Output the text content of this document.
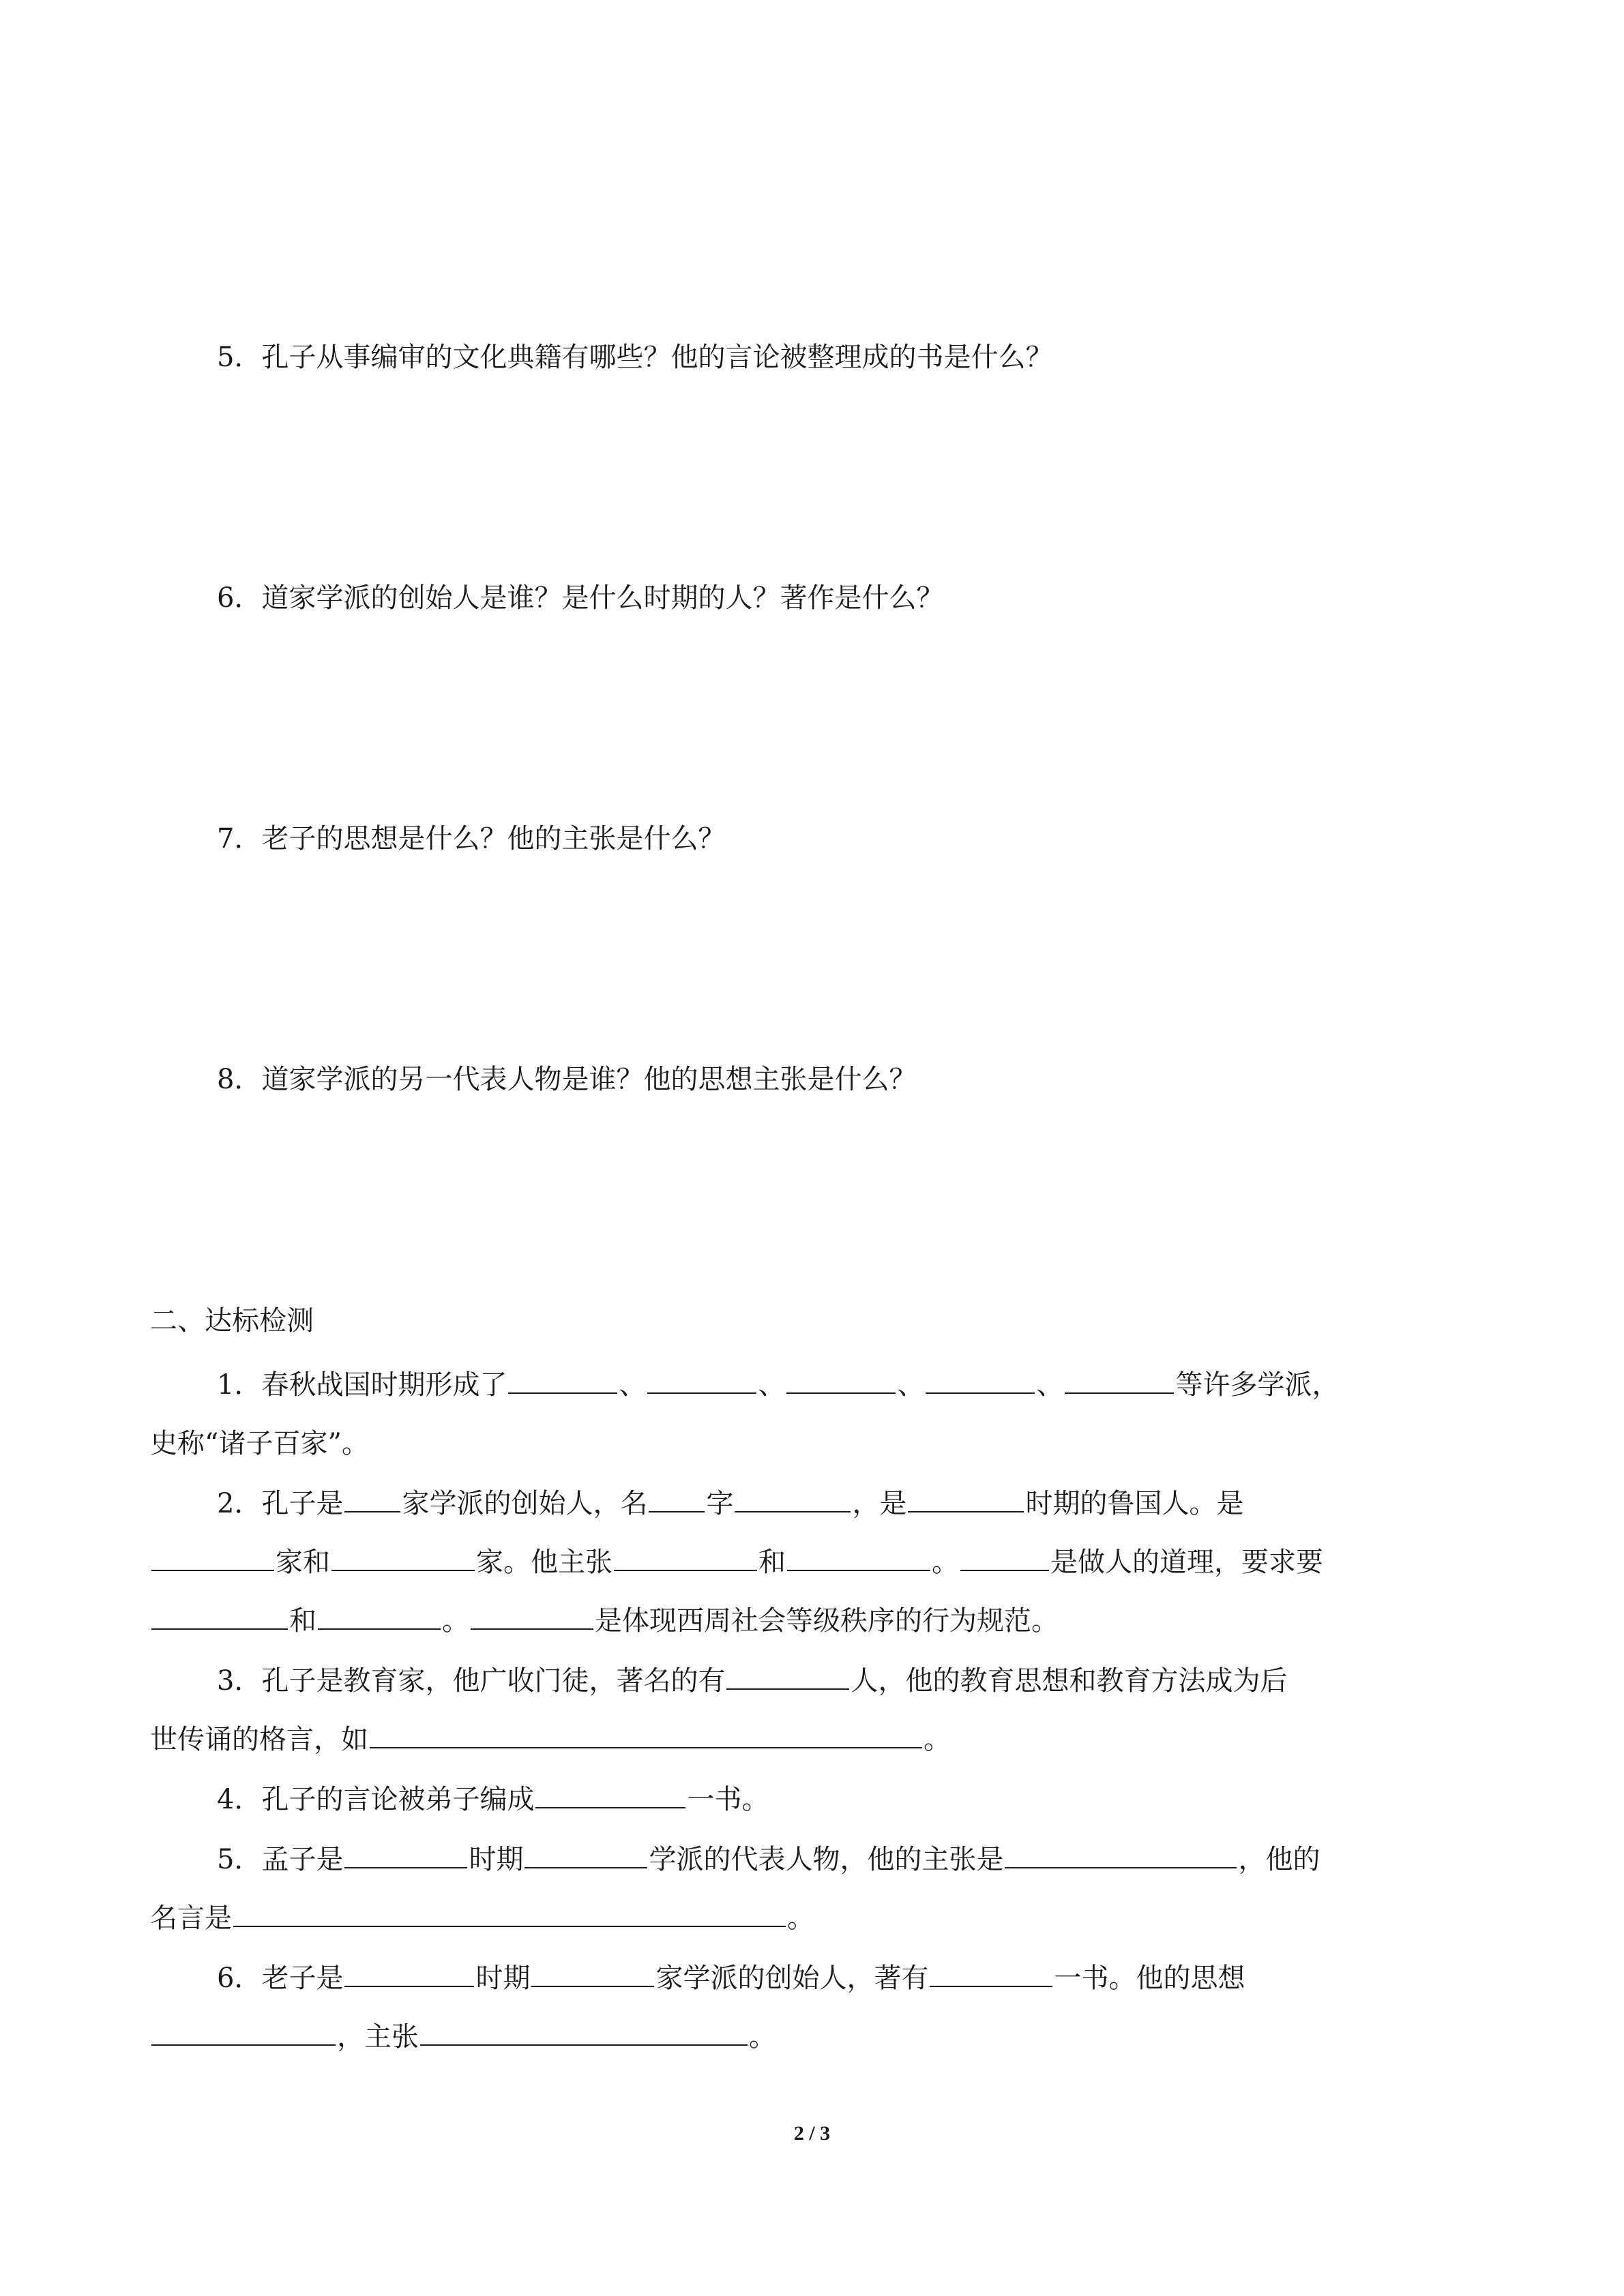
5．孔子从事编审的文化典籍有哪些？他的言论被整理成的书是什么？
6．道家学派的创始人是谁？是什么时期的人？著作是什么？
7．老子的思想是什么？他的主张是什么？
8．道家学派的另一代表人物是谁？他的思想主张是什么？
二、达标检测
1．春秋战国时期形成了	、	、	、	、	等许多学派，
史称“诸子百家”。
2．孔子是 家学派的创始人，名 字	，是	时期的鲁国人。是
家和	家。他主张	和	。	是做人的道理，要求要
和	。	是体现西周社会等级秩序的行为规范。
3．孔子是教育家，他广收门徒，著名的有	人，他的教育思想和教育方法成为后
世传诵的格言，如	。
4．孔子的言论被弟子编成	一书。
5．孟子是	时期	学派的代表人物，他的主张是	，他的
名言是	。
6．老子是	时期	家学派的创始人，著有	一书。他的思想
，主张	。
2 / 3
